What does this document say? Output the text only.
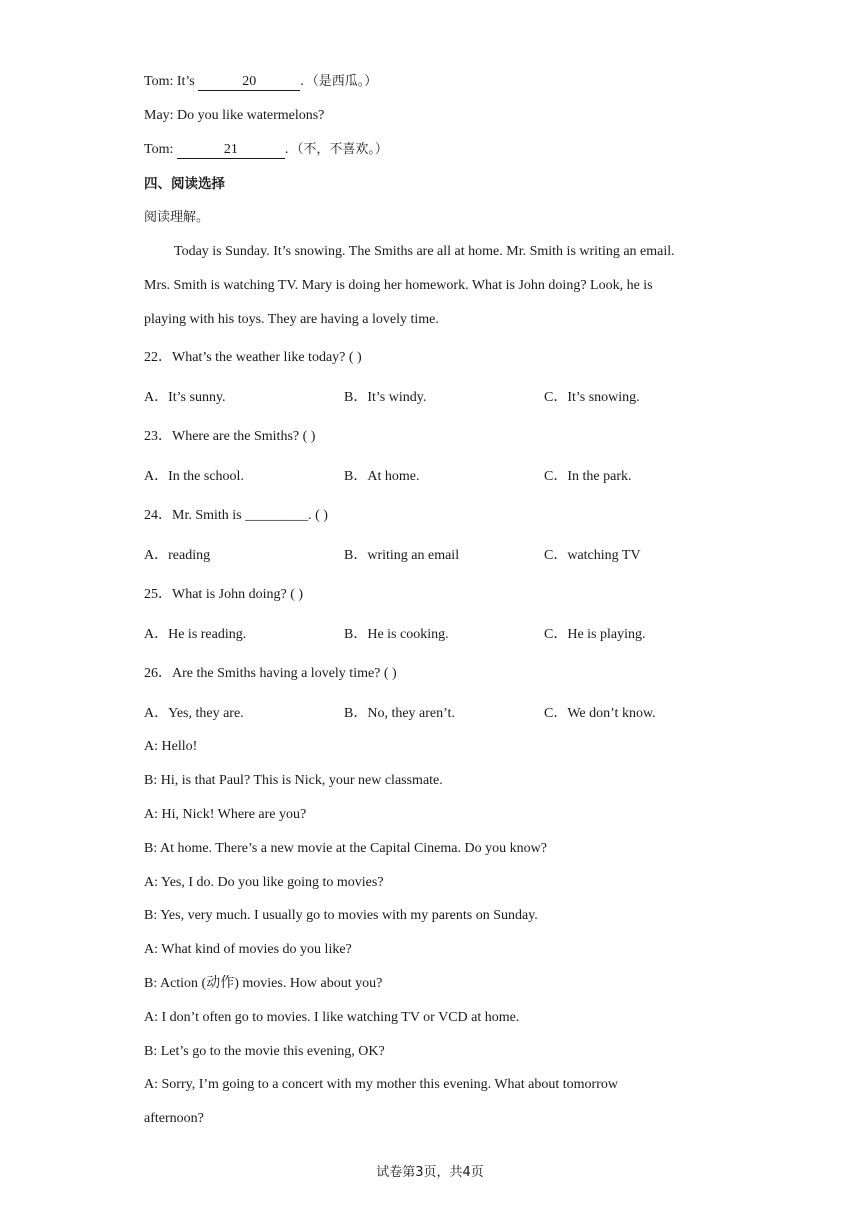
Tom: It’s	20	. （是西瓜。）
May: Do you like watermelons?
Tom:	21	. （不，不喜欢。）
四、阅读选择
阅读理解。
Today is Sunday. It’s snowing. The Smiths are all at home. Mr. Smith is writing an email.
Mrs. Smith is watching TV. Mary is doing her homework. What is John doing? Look, he is
playing with his toys. They are having a lovely time.
22．What’s the weather like today? ( )
A．It’s sunny.	B．It’s windy.	C．It’s snowing.
23．Where are the Smiths? ( )
A．In the school.	B．At home.	C．In the park.
24．Mr. Smith is _________. ( )
A．reading	B．writing an email	C．watching TV
25．What is John doing? ( )
A．He is reading.	B．He is cooking.	C．He is playing.
26．Are the Smiths having a lovely time? ( )
A．Yes, they are.	B．No, they aren’t.	C．We don’t know.
A: Hello!
B: Hi, is that Paul? This is Nick, your new classmate.
A: Hi, Nick! Where are you?
B: At home. There’s a new movie at the Capital Cinema. Do you know?
A: Yes, I do. Do you like going to movies?
B: Yes, very much. I usually go to movies with my parents on Sunday.
A: What kind of movies do you like?
B: Action (动作) movies. How about you?
A: I don’t often go to movies. I like watching TV or VCD at home.
B: Let’s go to the movie this evening, OK?
A: Sorry, I’m going to a concert with my mother this evening. What about tomorrow
afternoon?
试卷第3页，共4页
